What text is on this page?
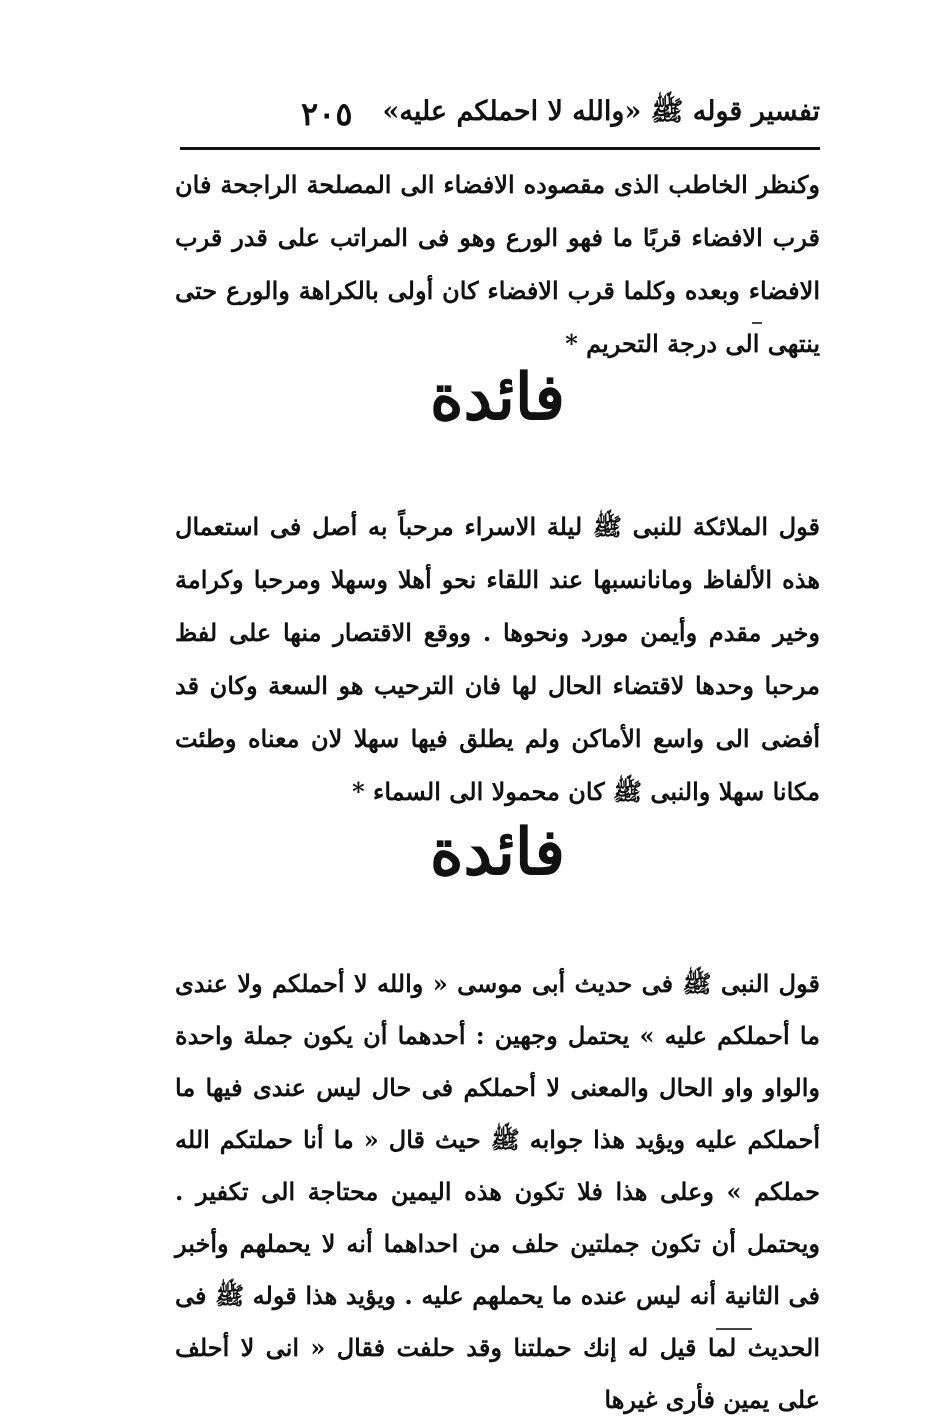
تفسير قوله ﷺ «والله لا احملكم عليه»
٢٠٥

وكنظر الخاطب الذى مقصوده الافضاء الى المصلحة الراجحة فان قرب الافضاء قربًا ما فهو الورع وهو فى المراتب على قدر قرب الافضاء وبعده وكلما قرب الافضاء كان أولى بالكراهة والورع حتى ينتهى الى درجة التحريم *

فائدة

قول الملائكة للنبى ﷺ ليلة الاسراء مرحباً به أصل فى استعمال هذه الألفاظ ومانانسبها عند اللقاء نحو أهلا وسهلا ومرحبا وكرامة وخير مقدم وأيمن مورد ونحوها . ووقع الاقتصار منها على لفظ مرحبا وحدها لاقتضاء الحال لها فان الترحيب هو السعة وكان قد أفضى الى واسع الأماكن ولم يطلق فيها سهلا لان معناه وطئت مكانا سهلا والنبى ﷺ كان محمولا الى السماء *

فائدة

قول النبى ﷺ فى حديث أبى موسى « والله لا أحملكم ولا عندى ما أحملكم عليه » يحتمل وجهين : أحدهما أن يكون جملة واحدة والواو واو الحال والمعنى لا أحملكم فى حال ليس عندى فيها ما أحملكم عليه ويؤيد هذا جوابه ﷺ حيث قال « ما أنا حملتكم الله حملكم » وعلى هذا فلا تكون هذه اليمين محتاجة الى تكفير . ويحتمل أن تكون جملتين حلف من احداهما أنه لا يحملهم وأخبر فى الثانية أنه ليس عنده ما يحملهم عليه . ويؤيد هذا قوله ﷺ فى الحديث لما قيل له إنك حملتنا وقد حلفت فقال « انى لا أحلف على يمين فأرى غيرها
